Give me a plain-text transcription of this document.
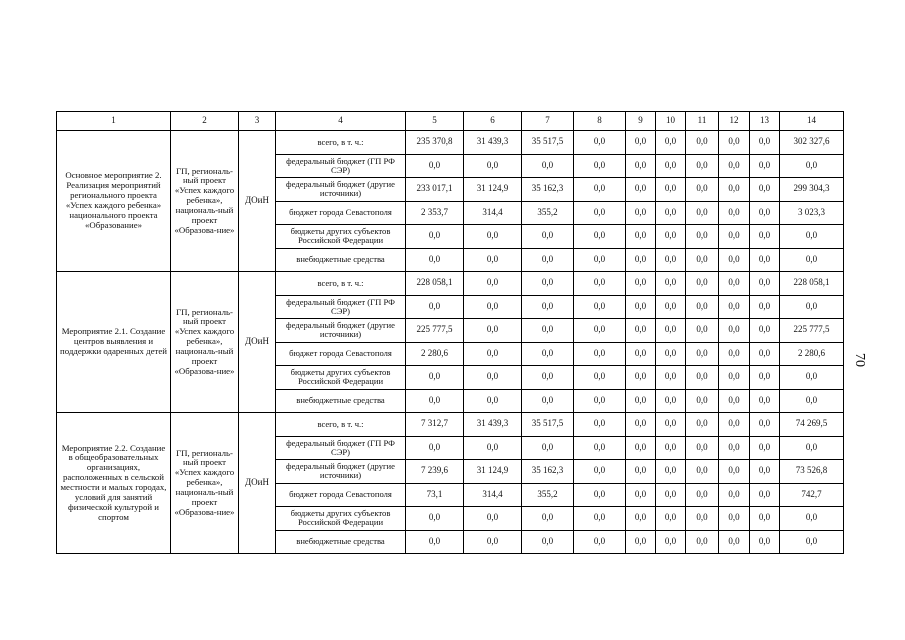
1	2	3	4	5	6	7	8	9	10	11	12	13	14
Основное мероприятие 2. Реализация мероприятий регионального проекта «Успех каждого ребенка» национального проекта «Образование»	ГП, региональ-ный проект «Успех каждого ребенка», националь-ный проект «Образова-ние»	ДОиН	всего, в т. ч.:	235 370,8	31 439,3	35 517,5	0,0	0,0	0,0	0,0	0,0	0,0	302 327,6
			федеральный бюджет (ГП РФ СЭР)	0,0	0,0	0,0	0,0	0,0	0,0	0,0	0,0	0,0	0,0
			федеральный бюджет (другие источники)	233 017,1	31 124,9	35 162,3	0,0	0,0	0,0	0,0	0,0	0,0	299 304,3
			бюджет города Севастополя	2 353,7	314,4	355,2	0,0	0,0	0,0	0,0	0,0	0,0	3 023,3
			бюджеты других субъектов Российской Федерации	0,0	0,0	0,0	0,0	0,0	0,0	0,0	0,0	0,0	0,0
			внебюджетные средства	0,0	0,0	0,0	0,0	0,0	0,0	0,0	0,0	0,0	0,0
Мероприятие 2.1. Создание центров выявления и поддержки одаренных детей	ГП, региональ-ный проект «Успех каждого ребенка», националь-ный проект «Образова-ние»	ДОиН	всего, в т. ч.:	228 058,1	0,0	0,0	0,0	0,0	0,0	0,0	0,0	0,0	228 058,1
			федеральный бюджет (ГП РФ СЭР)	0,0	0,0	0,0	0,0	0,0	0,0	0,0	0,0	0,0	0,0
			федеральный бюджет (другие источники)	225 777,5	0,0	0,0	0,0	0,0	0,0	0,0	0,0	0,0	225 777,5
			бюджет города Севастополя	2 280,6	0,0	0,0	0,0	0,0	0,0	0,0	0,0	0,0	2 280,6
			бюджеты других субъектов Российской Федерации	0,0	0,0	0,0	0,0	0,0	0,0	0,0	0,0	0,0	0,0
			внебюджетные средства	0,0	0,0	0,0	0,0	0,0	0,0	0,0	0,0	0,0	0,0
Мероприятие 2.2. Создание в общеобразовательных организациях, расположенных в сельской местности и малых городах, условий для занятий физической культурой и спортом	ГП, региональ-ный проект «Успех каждого ребенка», националь-ный проект «Образова-ние»	ДОиН	всего, в т. ч.:	7 312,7	31 439,3	35 517,5	0,0	0,0	0,0	0,0	0,0	0,0	74 269,5
			федеральный бюджет (ГП РФ СЭР)	0,0	0,0	0,0	0,0	0,0	0,0	0,0	0,0	0,0	0,0
			федеральный бюджет (другие источники)	7 239,6	31 124,9	35 162,3	0,0	0,0	0,0	0,0	0,0	0,0	73 526,8
			бюджет города Севастополя	73,1	314,4	355,2	0,0	0,0	0,0	0,0	0,0	0,0	742,7
			бюджеты других субъектов Российской Федерации	0,0	0,0	0,0	0,0	0,0	0,0	0,0	0,0	0,0	0,0
			внебюджетные средства	0,0	0,0	0,0	0,0	0,0	0,0	0,0	0,0	0,0	0,0
70
